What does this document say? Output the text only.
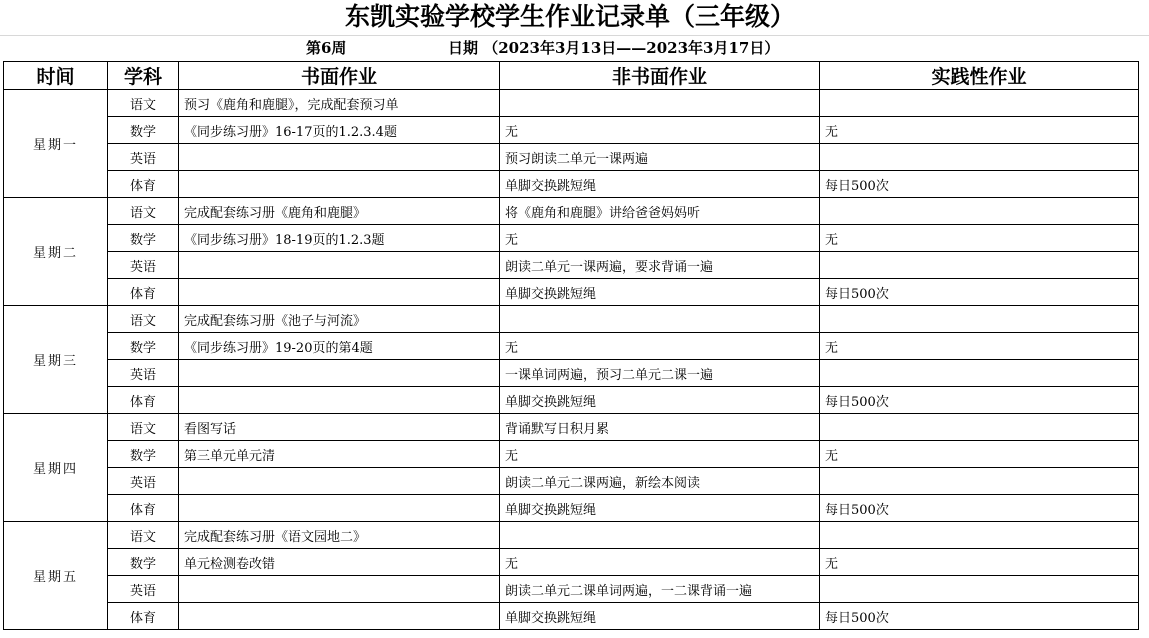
东凯实验学校学生作业记录单（三年级）
第6周	日期 （2023年3月13日——2023年3月17日）
时间	学科	书面作业	非书面作业	实践性作业
星期一	语文	预习《鹿角和鹿腿》，完成配套预习单		
	数学	《同步练习册》16-17页的1.2.3.4题	无	无
	英语		预习朗读二单元一课两遍	
	体育		单脚交换跳短绳	每日500次
星期二	语文	完成配套练习册《鹿角和鹿腿》	将《鹿角和鹿腿》讲给爸爸妈妈听	
	数学	《同步练习册》18-19页的1.2.3题	无	无
	英语		朗读二单元一课两遍，要求背诵一遍	
	体育		单脚交换跳短绳	每日500次
星期三	语文	完成配套练习册《池子与河流》		
	数学	《同步练习册》19-20页的第4题	无	无
	英语		一课单词两遍，预习二单元二课一遍	
	体育		单脚交换跳短绳	每日500次
星期四	语文	看图写话	背诵默写日积月累	
	数学	第三单元单元清	无	无
	英语		朗读二单元二课两遍，新绘本阅读	
	体育		单脚交换跳短绳	每日500次
星期五	语文	完成配套练习册《语文园地二》		
	数学	单元检测卷改错	无	无
	英语		朗读二单元二课单词两遍，一二课背诵一遍	
	体育		单脚交换跳短绳	每日500次
